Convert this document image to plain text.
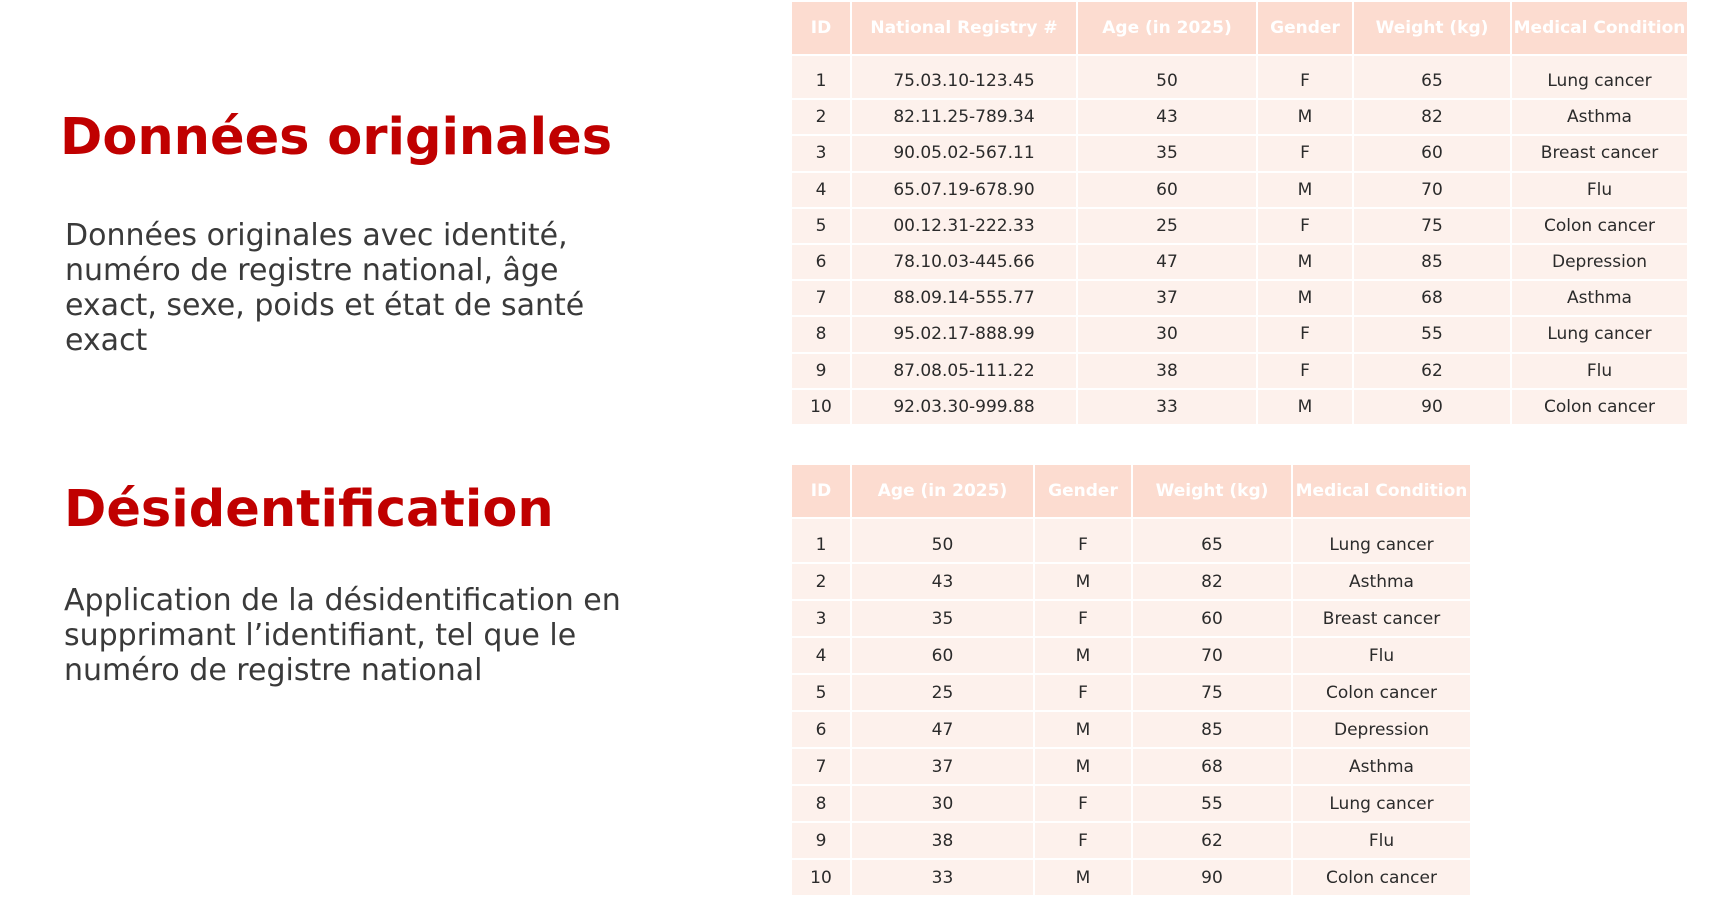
Données originales

Données originales avec identité, numéro de registre national, âge exact, sexe, poids et état de santé exact

Désidentification

Application de la désidentification en supprimant l’identifiant, tel que le numéro de registre national

ID	National Registry #	Age (in 2025)	Gender	Weight (kg)	Medical Condition
1	75.03.10-123.45	50	F	65	Lung cancer
2	82.11.25-789.34	43	M	82	Asthma
3	90.05.02-567.11	35	F	60	Breast cancer
4	65.07.19-678.90	60	M	70	Flu
5	00.12.31-222.33	25	F	75	Colon cancer
6	78.10.03-445.66	47	M	85	Depression
7	88.09.14-555.77	37	M	68	Asthma
8	95.02.17-888.99	30	F	55	Lung cancer
9	87.08.05-111.22	38	F	62	Flu
10	92.03.30-999.88	33	M	90	Colon cancer
ID	Age (in 2025)	Gender	Weight (kg)	Medical Condition
1	50	F	65	Lung cancer
2	43	M	82	Asthma
3	35	F	60	Breast cancer
4	60	M	70	Flu
5	25	F	75	Colon cancer
6	47	M	85	Depression
7	37	M	68	Asthma
8	30	F	55	Lung cancer
9	38	F	62	Flu
10	33	M	90	Colon cancer
